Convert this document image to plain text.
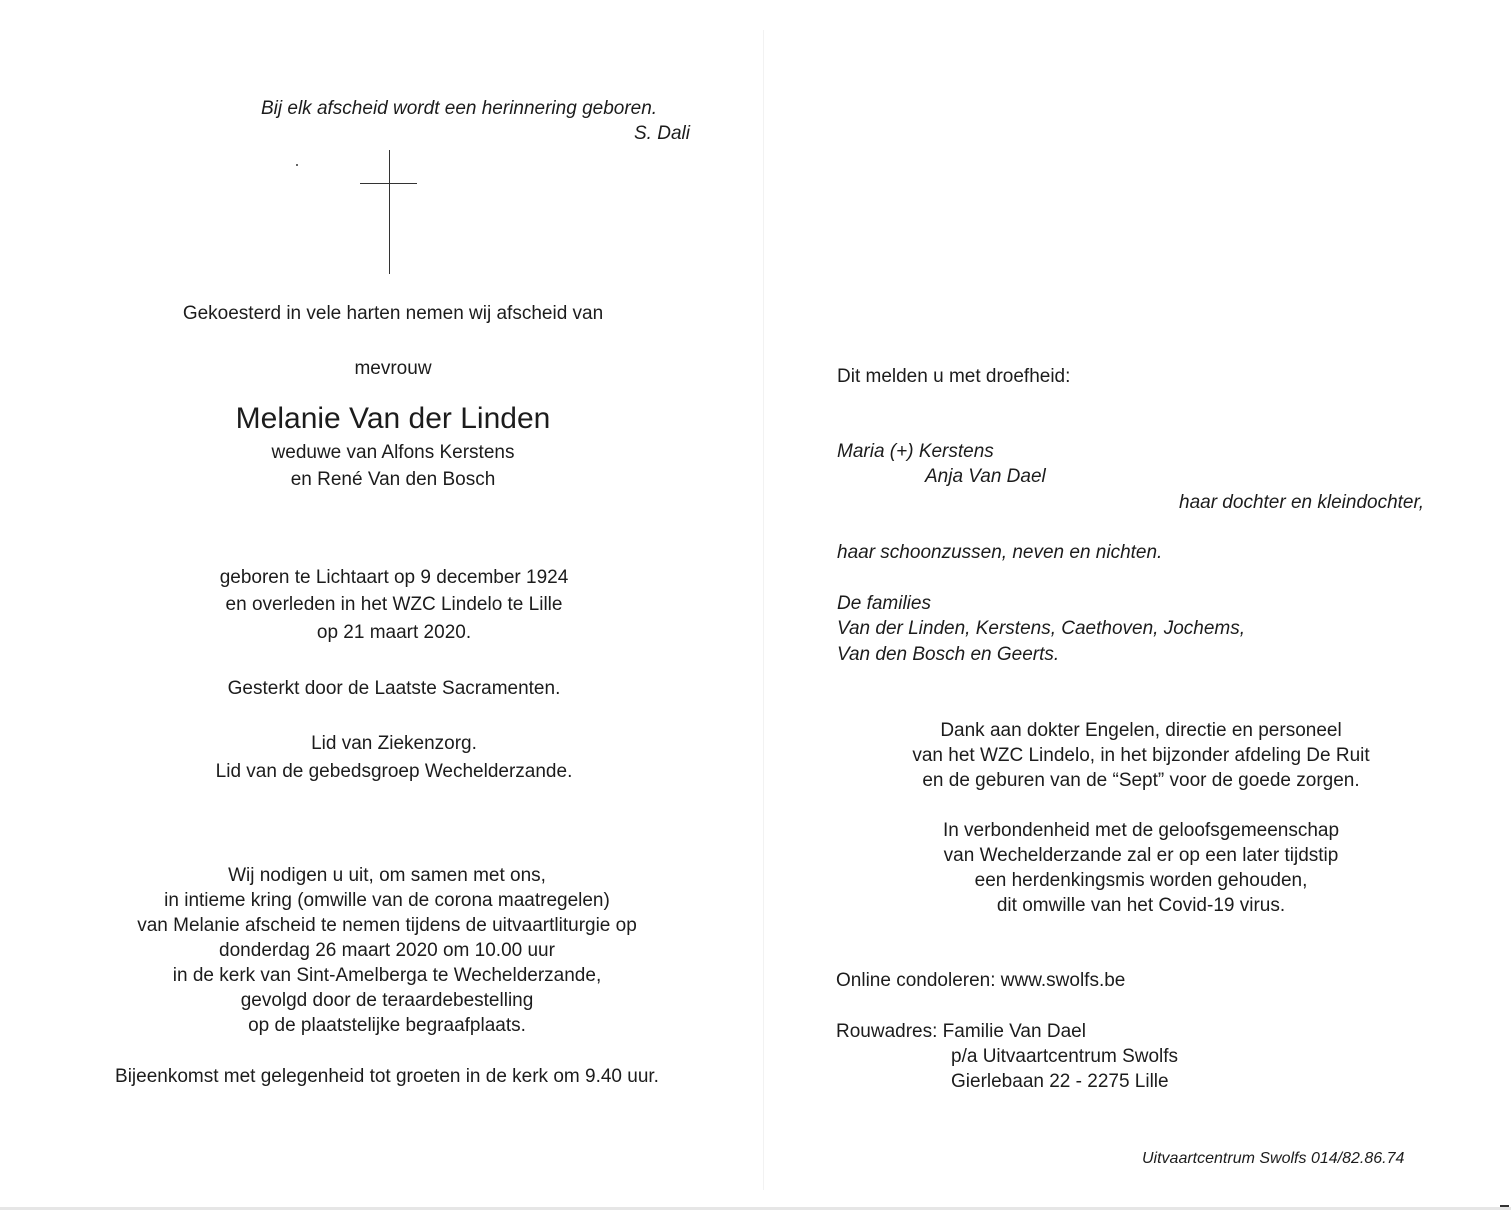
Bij elk afscheid wordt een herinnering geboren.
S. Dali
Gekoesterd in vele harten nemen wij afscheid van
mevrouw
Melanie Van der Linden
weduwe van Alfons Kerstens
en René Van den Bosch
geboren te Lichtaart op 9 december 1924
en overleden in het WZC Lindelo te Lille
op 21 maart 2020.
Gesterkt door de Laatste Sacramenten.
Lid van Ziekenzorg.
Lid van de gebedsgroep Wechelderzande.
Wij nodigen u uit, om samen met ons,
in intieme kring (omwille van de corona maatregelen)
van Melanie afscheid te nemen tijdens de uitvaartliturgie op
donderdag 26 maart 2020 om 10.00 uur
in de kerk van Sint-Amelberga te Wechelderzande,
gevolgd door de teraardebestelling
op de plaatstelijke begraafplaats.
Bijeenkomst met gelegenheid tot groeten in de kerk om 9.40 uur.
Dit melden u met droefheid:
Maria (+) Kerstens
Anja Van Dael
haar dochter en kleindochter,
haar schoonzussen, neven en nichten.
De families
Van der Linden, Kerstens, Caethoven, Jochems,
Van den Bosch en Geerts.
Dank aan dokter Engelen, directie en personeel
van het WZC Lindelo, in het bijzonder afdeling De Ruit
en de geburen van de “Sept” voor de goede zorgen.
In verbondenheid met de geloofsgemeenschap
van Wechelderzande zal er op een later tijdstip
een herdenkingsmis worden gehouden,
dit omwille van het Covid-19 virus.
Online condoleren: www.swolfs.be
Rouwadres: Familie Van Dael
p/a Uitvaartcentrum Swolfs
Gierlebaan 22 - 2275 Lille
Uitvaartcentrum Swolfs 014/82.86.74
